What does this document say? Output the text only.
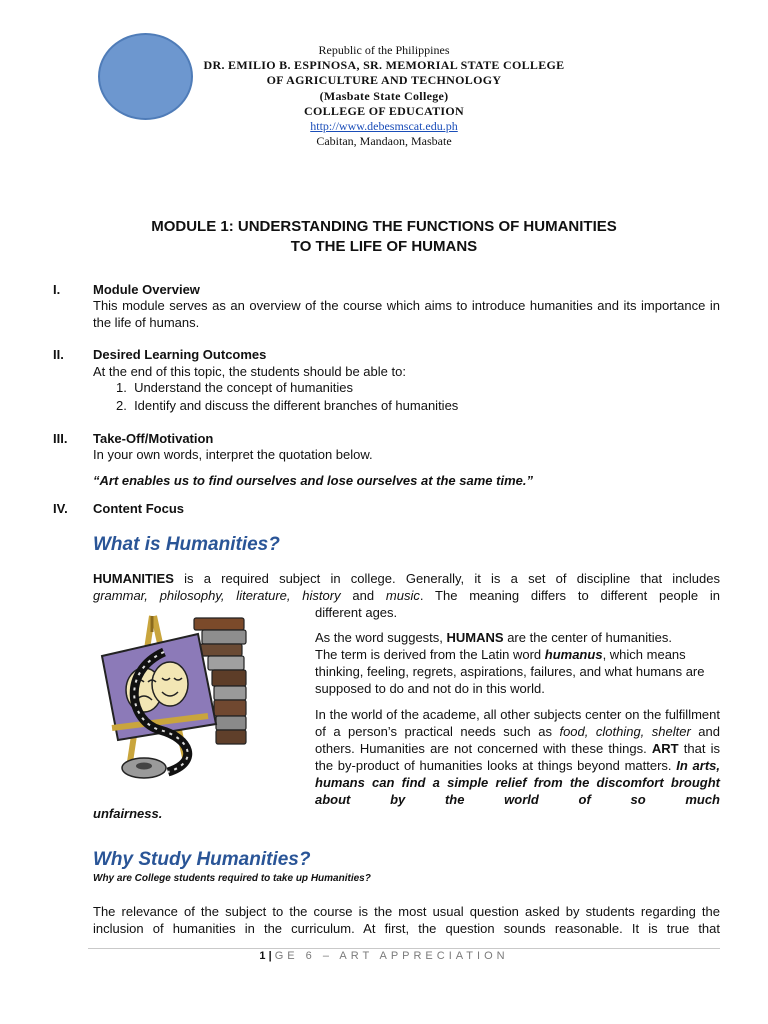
Republic of the Philippines
DR. EMILIO B. ESPINOSA, SR. MEMORIAL STATE COLLEGE
OF AGRICULTURE AND TECHNOLOGY
(Masbate State College)
COLLEGE OF EDUCATION
http://www.debesmscat.edu.ph
Cabitan, Mandaon, Masbate
MODULE 1: UNDERSTANDING THE FUNCTIONS OF HUMANITIES
TO THE LIFE OF HUMANS
I.	Module Overview
This module serves as an overview of the course which aims to introduce humanities and its importance in the life of humans.
II. Desired Learning Outcomes
At the end of this topic, the students should be able to:
1.  Understand the concept of humanities
2.  Identify and discuss the different branches of humanities
III. Take-Off/Motivation
In your own words, interpret the quotation below.
“Art enables us to find ourselves and lose ourselves at the same time.”
IV. Content Focus
What is Humanities?
HUMANITIES is a required subject in college. Generally, it is a set of discipline that includes
grammar, philosophy, literature, history and music. The meaning differs to different people in
different ages.
As the word suggests, HUMANS are the center of humanities.
The term is derived from the Latin word humanus, which means thinking, feeling, regrets, aspirations, failures, and what humans are supposed to do and not do in this world.
In the world of the academe, all other subjects center on the fulfillment of a person’s practical needs such as food, clothing, shelter and others. Humanities are not concerned with these things. ART that is the by-product of humanities looks at things beyond matters. In arts, humans can find a simple relief from the discomfort brought about by the world of so much
unfairness.
Why Study Humanities?
Why are College students required to take up Humanities?
The relevance of the subject to the course is the most usual question asked by students regarding the inclusion of humanities in the curriculum. At first, the question sounds reasonable. It is true that
1 | GE 6 – ART APPRECIATION
